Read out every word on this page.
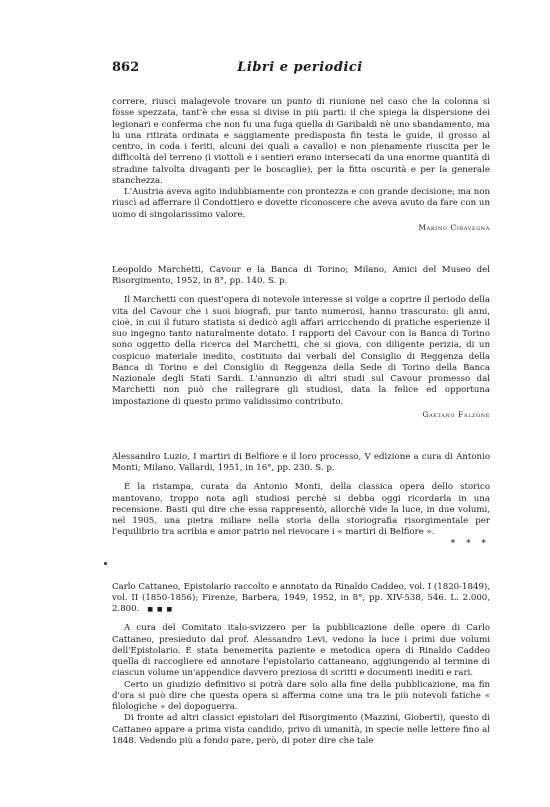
862	Libri e periodici

correre, riuscì malagevole trovare un punto di riunione nel caso che la colonna si fosse spezzata, tant'è che essa si divise in più parti: il che spiega la dispersione dei legionari e conferma che non fu una fuga quella di Garibaldi nè uno sbandamento, ma lu una ritirata ordinata e saggiamente predisposta fin testa le guide, il grosso al centro, in coda i feriti, alcuni dei quali a cavallo) e non pienamente riuscita per le difficoltà del terreno (i viottoli e i sentieri erano intersecati da una enorme quantità di stradine talvolta divaganti per le boscaglie), per la fitta oscurità e per la generale stanchezza.

L'Austria aveva agito indubbiamente con prontezza e con grande decisione; ma non riuscì ad afferrare il Condottiero e dovette riconoscere che aveva avuto da fare con un uomo di singolarissimo valore.

Marino Ciravegna

Leopoldo Marchetti, Cavour e la Banca di Torino; Milano, Amici del Museo del Risorgimento, 1952, in 8°, pp. 140. S. p.

Il Marchetti con quest'opera di notevole interesse si volge a coprire il periodo della vita del Cavour che i suoi biografi, pur tanto numerosi, hanno trascurato: gli anni, cioè, in cui il futuro statista si dedicò agli affari arricchendo di pratiche esperienze il suo ingegno tanto naturalmente dotato. I rapporti del Cavour con la Banca di Torino sono oggetto della ricerca del Marchetti, che si giova, con diligente perizia, di un cospicuo materiale inedito, costituito dai verbali del Consiglio di Reggenza della Banca di Torino e del Consiglio di Reggenza della Sede di Torino della Banca Nazionale degli Stati Sardi. L'annunzio di altri studi sul Cavour promesso dal Marchetti non può che rallegrare gli studiosi, data la felice ed opportuna impostazione di questo primo validissimo contributo.

Gaetano Falzone

Alessandro Luzio, I martiri di Belfiore e il loro processo, V edizione a cura di Antonio Monti; Milano, Vallardi, 1951, in 16°, pp. 230. S. p.

È la ristampa, curata da Antonio Monti, della classica opera dello storico mantovano, troppo nota agli studiosi perchè si debba oggi ricordarla in una recensione. Basti qui dire che essa rappresentò, allorchè vide la luce, in due volumi, nel 1905, una pietra miliare nella storia della storiografia risorgimentale per l'equilibrio tra acribia e amor patrio nel rievocare i « martiri di Belfiore ».

* * *

Carlo Cattaneo, Epistolario raccolto e annotato da Rinaldo Caddeo, vol. I (1820-1849), vol. II (1850-1856); Firenze, Barbera, 1949, 1952, in 8°, pp. XIV-538, 546. L. 2.000, 2.800. ■ ■ ■

A cura del Comitato italo-svizzero per la pubblicazione delle opere di Carlo Cattaneo, presieduto dal prof. Alessandro Levi, vedono la luce i primi due volumi dell'Epistolario. È stata benemerita paziente e metodica opera di Rinaldo Caddeo quella di raccogliere ed annotare l'epistolario cattaneano, aggiungendo al termine di ciascun volume un'appendice davvero preziosa di scritti e documenti inediti e rari.

Certo un giudizio definitivo si potrà dare solo alla fine della pubblicazione, ma fin d'ora si può dire che questa opera si afferma come una tra le più notevoli fatiche « filologiche » del dopoguerra.

Di fronte ad altri classici epistolari del Risorgimento (Mazzini, Gioberti), questo di Cattaneo appare a prima vista candido, privo di umanità, in specie nelle lettere fino al 1848. Vedendo più a fondo pare, però, di poter dire che tale
